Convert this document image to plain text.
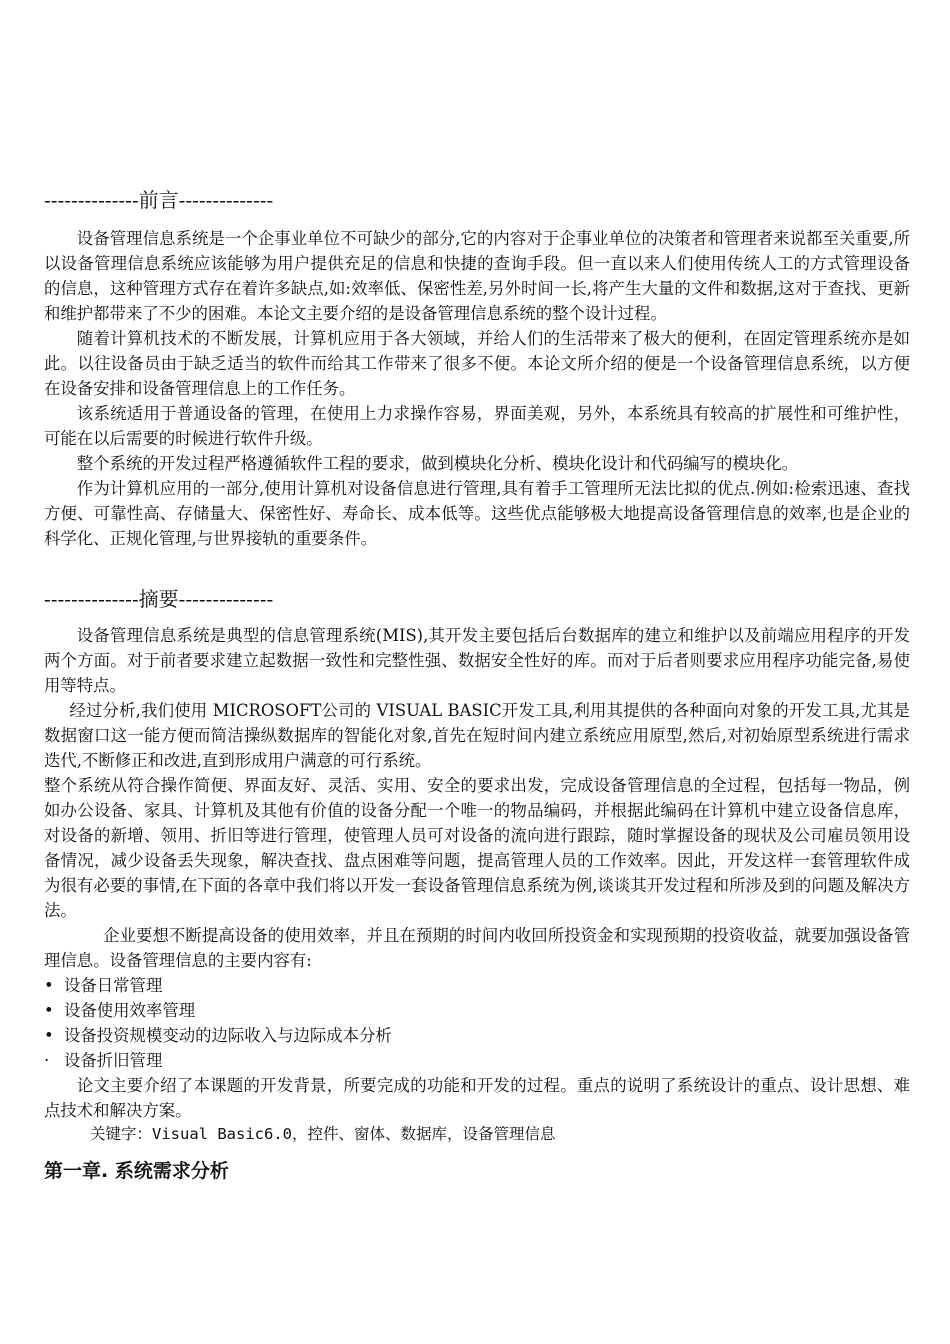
--------------前言--------------

设备管理信息系统是一个企事业单位不可缺少的部分,它的内容对于企事业单位的决策者和管理者来说都至关重要,所以设备管理信息系统应该能够为用户提供充足的信息和快捷的查询手段。但一直以来人们使用传统人工的方式管理设备的信息，这种管理方式存在着许多缺点,如:效率低、保密性差,另外时间一长,将产生大量的文件和数据,这对于查找、更新和维护都带来了不少的困难。本论文主要介绍的是设备管理信息系统的整个设计过程。

随着计算机技术的不断发展，计算机应用于各大领域，并给人们的生活带来了极大的便利，在固定管理系统亦是如此。以往设备员由于缺乏适当的软件而给其工作带来了很多不便。本论文所介绍的便是一个设备管理信息系统，以方便在设备安排和设备管理信息上的工作任务。

该系统适用于普通设备的管理，在使用上力求操作容易，界面美观，另外，本系统具有较高的扩展性和可维护性，可能在以后需要的时候进行软件升级。

整个系统的开发过程严格遵循软件工程的要求，做到模块化分析、模块化设计和代码编写的模块化。

作为计算机应用的一部分,使用计算机对设备信息进行管理,具有着手工管理所无法比拟的优点.例如:检索迅速、查找方便、可靠性高、存储量大、保密性好、寿命长、成本低等。这些优点能够极大地提高设备管理信息的效率,也是企业的科学化、正规化管理,与世界接轨的重要条件。

--------------摘要--------------

设备管理信息系统是典型的信息管理系统(MIS),其开发主要包括后台数据库的建立和维护以及前端应用程序的开发两个方面。对于前者要求建立起数据一致性和完整性强、数据安全性好的库。而对于后者则要求应用程序功能完备,易使用等特点。

经过分析,我们使用 MICROSOFT公司的 VISUAL BASIC开发工具,利用其提供的各种面向对象的开发工具,尤其是数据窗口这一能方便而简洁操纵数据库的智能化对象,首先在短时间内建立系统应用原型,然后,对初始原型系统进行需求迭代,不断修正和改进,直到形成用户满意的可行系统。

整个系统从符合操作简便、界面友好、灵活、实用、安全的要求出发，完成设备管理信息的全过程，包括每一物品，例如办公设备、家具、计算机及其他有价值的设备分配一个唯一的物品编码，并根据此编码在计算机中建立设备信息库，对设备的新增、领用、折旧等进行管理，使管理人员可对设备的流向进行跟踪，随时掌握设备的现状及公司雇员领用设备情况，减少设备丢失现象，解决查找、盘点困难等问题，提高管理人员的工作效率。因此，开发这样一套管理软件成为很有必要的事情,在下面的各章中我们将以开发一套设备管理信息系统为例,谈谈其开发过程和所涉及到的问题及解决方法。

企业要想不断提高设备的使用效率，并且在预期的时间内收回所投资金和实现预期的投资收益，就要加强设备管理信息。设备管理信息的主要内容有:

• 设备日常管理
• 设备使用效率管理
• 设备投资规模变动的边际收入与边际成本分析
· 设备折旧管理

论文主要介绍了本课题的开发背景，所要完成的功能和开发的过程。重点的说明了系统设计的重点、设计思想、难点技术和解决方案。

关键字：Visual Basic6.0，控件、窗体、数据库，设备管理信息
第一章. 系统需求分析
